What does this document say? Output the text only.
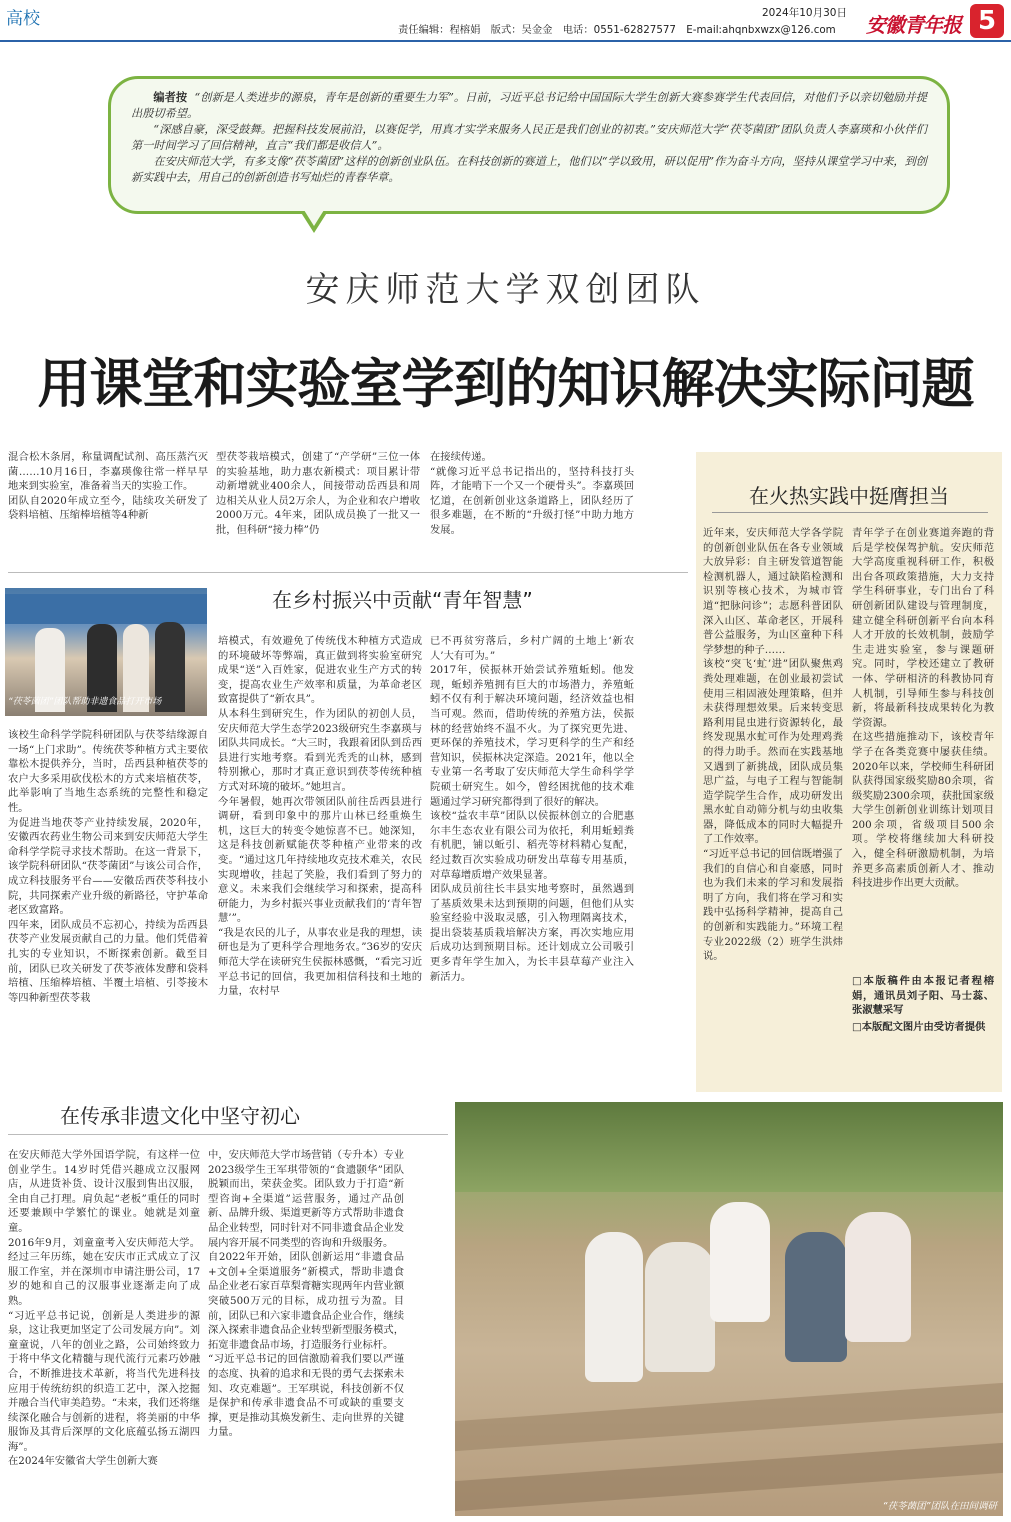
高校	2024年10月30日
责任编辑：程榕娟　版式：吴金金　电话：0551-62827577　E-mail:ahqnbxwzx@126.com 安徽青年报 5

编者按 “创新是人类进步的源泉，青年是创新的重要生力军”。日前，习近平总书记给中国国际大学生创新大赛参赛学生代表回信，对他们予以亲切勉励并提出殷切希望。

“深感自豪，深受鼓舞。把握科技发展前沿，以赛促学，用真才实学来服务人民正是我们创业的初衷。”安庆师范大学“茯苓菌团”团队负责人李嘉瑛和小伙伴们第一时间学习了回信精神，直言“我们都是收信人”。

在安庆师范大学，有多支像“茯苓菌团”这样的创新创业队伍。在科技创新的赛道上，他们以“学以致用，研以促用”作为奋斗方向，坚持从课堂学习中来，到创新实践中去，用自己的创新创造书写灿烂的青春华章。

安庆师范大学双创团队
用课堂和实验室学到的知识解决实际问题
混合松木条屑，称量调配试剂、高压蒸汽灭菌……10月16日，李嘉瑛像往常一样早早地来到实验室，准备着当天的实验工作。
团队自2020年成立至今，陆续攻关研发了袋料培植、压缩棒培植等4种新
型茯苓栽培模式，创建了“产学研”三位一体的实验基地，助力惠农新模式：项目累计带动新增就业400余人，间接带动岳西县和周边相关从业人员2万余人，为企业和农户增收2000万元。4年来，团队成员换了一批又一批，但科研“接力棒”仍
在接续传递。
“就像习近平总书记指出的，坚持科技打头阵，才能啃下一个又一个硬骨头”。李嘉瑛回忆道，在创新创业这条道路上，团队经历了很多难题，在不断的“升级打怪”中助力地方发展。
在火热实践中挺膺担当
近年来，安庆师范大学各学院的创新创业队伍在各专业领域大放异彩：自主研发管道智能检测机器人，通过缺陷检测和识别等核心技术，为城市管道“把脉问诊”；志愿科普团队深入山区、革命老区，开展科普公益服务，为山区童种下科学梦想的种子……
该校“突飞‘虻’进”团队聚焦鸡粪处理难题，在创业最初尝试使用三相固液处理策略，但并未获得理想效果。后来转变思路利用昆虫进行资源转化，最终发现黑水虻可作为处理鸡粪的得力助手。然而在实践基地又遇到了新挑战，团队成员集思广益，与电子工程与智能制造学院学生合作，成功研发出黑水虻自动筛分机与幼虫收集器，降低成本的同时大幅提升了工作效率。
“习近平总书记的回信既增强了我们的自信心和自豪感，同时也为我们未来的学习和发展指明了方向，我们将在学习和实践中弘扬科学精神，提高自己的创新和实践能力。”环境工程专业2022级（2）班学生洪炜说。
青年学子在创业赛道奔跑的背后是学校保驾护航。安庆师范大学高度重视科研工作，积极出台各项政策措施，大力支持学生科研事业，专门出台了科研创新团队建设与管理制度，建立健全科研创新平台向本科人才开放的长效机制，鼓励学生走进实验室，参与课题研究。同时，学校还建立了教研一体、学研相济的科教协同育人机制，引导师生参与科技创新，将最新科技成果转化为教学资源。
在这些措施推动下，该校青年学子在各类竞赛中屡获佳绩。2020年以来，学校师生科研团队获得国家级奖励80余项，省级奖励2300余项，获批国家级大学生创新创业训练计划项目200余项，省级项目500余项。学校将继续加大科研投入，健全科研激励机制，为培养更多高素质创新人才、推动科技进步作出更大贡献。
□本版稿件由本报记者程榕娟，通讯员刘子阳、马士蕊、张淑慧采写
□本版配文图片由受访者提供
在乡村振兴中贡献“青年智慧”
“茯苓菌团”团队帮助非遗食品打开市场
该校生命科学学院科研团队与茯苓结缘源自一场“上门求助”。传统茯苓种植方式主要依靠松木提供养分，当时，岳西县种植茯苓的农户大多采用砍伐松木的方式来培植茯苓，此举影响了当地生态系统的完整性和稳定性。
为促进当地茯苓产业持续发展，2020年，安徽西农药业生物公司来到安庆师范大学生命科学学院寻求技术帮助。在这一背景下，该学院科研团队“茯苓菌团”与该公司合作，成立科技服务平台——安徽岳西茯苓科技小院，共同探索产业升级的新路径，守护革命老区致富路。
四年来，团队成员不忘初心，持续为岳西县茯苓产业发展贡献自己的力量。他们凭借着扎实的专业知识，不断探索创新。截至目前，团队已攻关研发了茯苓液体发酵和袋料培植、压缩棒培植、半覆土培植、引苓接木等四种新型茯苓栽
培模式，有效避免了传统伐木种植方式造成的环境破坏等弊端，真正做到将实验室研究成果“送”入百姓家，促进农业生产方式的转变，提高农业生产效率和质量，为革命老区致富提供了“新农具”。
从本科生到研究生，作为团队的初创人员，安庆师范大学生态学2023级研究生李嘉瑛与团队共同成长。“大三时，我跟着团队到岳西县进行实地考察。看到光秃秃的山林，感到特别揪心，那时才真正意识到茯苓传统种植方式对环境的破坏。”她坦言。
今年暑假，她再次带领团队前往岳西县进行调研，看到印象中的那片山林已经重焕生机，这巨大的转变令她惊喜不已。她深知，这是科技创新赋能茯苓种植产业带来的改变。“通过这几年持续地攻克技术难关，农民实现增收，挂起了笑脸，我们看到了努力的意义。未来我们会继续学习和探索，提高科研能力，为乡村振兴事业贡献我们的‘青年智慧’”。
“我是农民的儿子，从事农业是我的理想，读研也是为了更科学合理地务农。”36岁的安庆师范大学在读研究生侯振林感慨，“看完习近平总书记的回信，我更加相信科技和土地的力量，农村早
已不再贫穷落后，乡村广阔的土地上‘新农人’大有可为。”
2017年，侯振林开始尝试养殖蚯蚓。他发现，蚯蚓养殖拥有巨大的市场潜力，养殖蚯蚓不仅有利于解决环境问题，经济效益也相当可观。然而，借助传统的养殖方法，侯振林的经营始终不温不火。为了探究更先进、更环保的养殖技术，学习更科学的生产和经营知识，侯振林决定深造。2021年，他以全专业第一名考取了安庆师范大学生命科学学院硕士研究生。如今，曾经困扰他的技术难题通过学习研究都得到了很好的解决。
该校“益农丰草”团队以侯振林创立的合肥惠尔丰生态农业有限公司为依托，利用蚯蚓粪有机肥，铺以蚯引、稻壳等材料精心复配，经过数百次实验成功研发出草莓专用基质，对草莓增质增产效果显著。
团队成员前往长丰县实地考察时，虽然遇到了基质效果未达到预期的问题，但他们从实验室经验中汲取灵感，引入物理隔离技术，提出袋装基质栽培解决方案，再次实地应用后成功达到预期目标。还计划成立公司吸引更多青年学生加入，为长丰县草莓产业注入新活力。
在传承非遗文化中坚守初心
在安庆师范大学外国语学院，有这样一位创业学生。14岁时凭借兴趣成立汉服网店，从进货补货、设计汉服到售出汉服，全由自己打理。肩负起“老板”重任的同时还要兼顾中学繁忙的课业。她就是刘童童。
2016年9月，刘童童考入安庆师范大学。经过三年历练，她在安庆市正式成立了汉服工作室，并在深圳市申请注册公司，17岁的她和自己的汉服事业逐渐走向了成熟。
“习近平总书记说，创新是人类进步的源泉，这让我更加坚定了公司发展方向”。刘童童说，八年的创业之路，公司始终致力于将中华文化精髓与现代流行元素巧妙融合，不断推进技术革新，将当代先进科技应用于传统纺织的织造工艺中，深入挖掘并融合当代审美趋势。“未来，我们还将继续深化融合与创新的进程，将美丽的中华服饰及其背后深厚的文化底蕴弘扬五湖四海”。
在2024年安徽省大学生创新大赛
中，安庆师范大学市场营销（专升本）专业2023级学生王军琪带领的“食遗颢华”团队脱颖而出，荣获金奖。团队致力于打造“新型咨询+全渠道”运营服务，通过产品创新、品牌升级、渠道更新等方式帮助非遗食品企业转型，同时针对不同非遗食品企业发展内容开展不同类型的咨询和升级服务。
自2022年开始，团队创新运用“非遗食品+文创+全渠道服务”新模式，帮助非遗食品企业老石家百草梨膏糖实现两年内营业额突破500万元的目标，成功扭亏为盈。目前，团队已和六家非遗食品企业合作，继续深入探索非遗食品企业转型新型服务模式，拓宽非遗食品市场，打造服务行业标杆。
“习近平总书记的回信激励着我们要以严谨的态度、执着的追求和无畏的勇气去探索未知、攻克难题”。王军琪说，科技创新不仅是保护和传承非遗食品不可或缺的重要支撑，更是推动其焕发新生、走向世界的关键力量。
“茯苓菌团”团队在田间调研
